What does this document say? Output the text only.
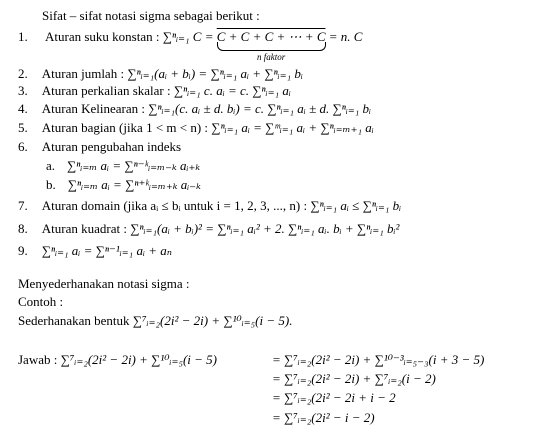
Sifat – sifat notasi sigma sebagai berikut :
1. Aturan suku konstan : ∑ⁿᵢ₌₁ C = C + C + C + ⋯ + C
n faktor
= n. C
2. Aturan jumlah : ∑ⁿᵢ₌₁(aᵢ + bᵢ) = ∑ⁿᵢ₌₁ aᵢ + ∑ⁿᵢ₌₁ bᵢ
3. Aturan perkalian skalar : ∑ⁿᵢ₌₁ c. aᵢ = c. ∑ⁿᵢ₌₁ aᵢ
4. Aturan Kelinearan : ∑ⁿᵢ₌₁(c. aᵢ ± d. bᵢ) = c. ∑ⁿᵢ₌₁ aᵢ ± d. ∑ⁿᵢ₌₁ bᵢ
5. Aturan bagian (jika 1 < m < n) : ∑ⁿᵢ₌₁ aᵢ = ∑ᵐᵢ₌₁ aᵢ + ∑ⁿᵢ₌ₘ₊₁ aᵢ
6. Aturan pengubahan indeks
a. ∑ⁿᵢ₌ₘ aᵢ = ∑ⁿ⁻ᵏᵢ₌ₘ₋ₖ aᵢ₊ₖ
b. ∑ⁿᵢ₌ₘ aᵢ = ∑ⁿ⁺ᵏᵢ₌ₘ₊ₖ aᵢ₋ₖ
7. Aturan domain (jika aᵢ ≤ bᵢ untuk i = 1, 2, 3, ..., n) : ∑ⁿᵢ₌₁ aᵢ ≤ ∑ⁿᵢ₌₁ bᵢ
8. Aturan kuadrat : ∑ⁿᵢ₌₁(aᵢ + bᵢ)² = ∑ⁿᵢ₌₁ aᵢ² + 2. ∑ⁿᵢ₌₁ aᵢ. bᵢ + ∑ⁿᵢ₌₁ bᵢ²
9. ∑ⁿᵢ₌₁ aᵢ = ∑ⁿ⁻¹ᵢ₌₁ aᵢ + aₙ
Menyederhanakan notasi sigma :
Contoh :
Sederhanakan bentuk ∑⁷ᵢ₌₂(2i² − 2i) + ∑¹⁰ᵢ₌₅(i − 5).
Jawab : ∑⁷ᵢ₌₂(2i² − 2i) + ∑¹⁰ᵢ₌₅(i − 5)	= ∑⁷ᵢ₌₂(2i² − 2i) + ∑¹⁰⁻³ᵢ₌₅₋₃(i + 3 − 5)
= ∑⁷ᵢ₌₂(2i² − 2i) + ∑⁷ᵢ₌₂(i − 2)
= ∑⁷ᵢ₌₂(2i² − 2i + i − 2
= ∑⁷ᵢ₌₂(2i² − i − 2)
